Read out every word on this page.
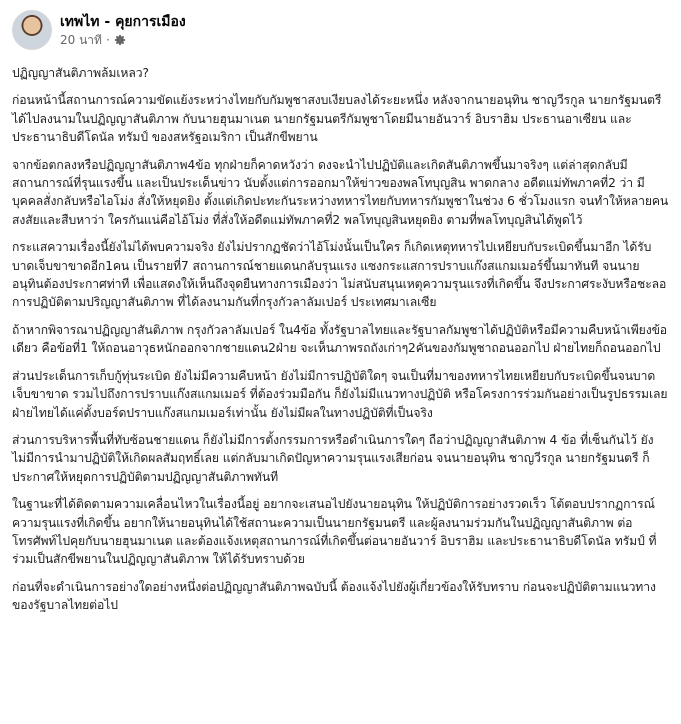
เทพไท - คุยการเมือง
20 นาที ·

ปฏิญญาสันติภาพล้มเหลว?

ก่อนหน้านี้สถานการณ์ความขัดแย้งระหว่างไทยกับกัมพูชาสงบเงียบลงได้ระยะหนึ่ง หลังจากนายอนุทิน ชาญวีรกูล นายกรัฐมนตรี ได้ไปลงนามในปฏิญญาสันติภาพ กับนายฮุนมาเนต นายกรัฐมนตรีกัมพูชาโดยมีนายอันวาร์ อิบราฮิม ประธานอาเซียน และประธานาธิบดีโดนัล ทรัมป์ ของสหรัฐอเมริกา เป็นสักขีพยาน

จากข้อตกลงหรือปฏิญญาสันติภาพ4ข้อ ทุกฝ่ายก็คาดหวังว่า ดงจะนำไปปฏิบัติและเกิดสันติภาพขึ้นมาจริงๆ แต่ล่าสุดกลับมีสถานการณ์ที่รุนแรงขึ้น และเป็นประเด็นข่าว นับตั้งแต่การออกมาให้ข่าวของพลโทบุญสิน พาดกลาง อดีตแม่ทัพภาคที่2 ว่า มีบุคคลสั่งกลับหรือไอโม่ง สั่งให้หยุดยิง ตั้งแต่เกิดปะทะกันระหว่างทหารไทยกับทหารกัมพูชาในช่วง 6 ชั่วโมงแรก จนทำให้หลายคนสงสัยและสืบหาว่า ใครกันแน่คือไอ้โม่ง ที่สั่งให้อดีตแม่ทัพภาคที่2 พลโทบุญสินหยุดยิง ตามที่พลโทบุญสินได้พูดไว้

กระแสความเรื่องนี้ยังไม่ได้พบความจริง ยังไม่ปรากฏชัดว่าไอ้โม่งนั้นเป็นใคร ก็เกิดเหตุทหารไปเหยียบกับระเบิดขึ้นมาอีก ได้รับบาดเจ็บขาขาดอีก1คน เป็นรายที่7 สถานการณ์ชายแดนกลับรุนแรง แซงกระแสการปราบแก๊งสแกมเมอร์ขึ้นมาทันที จนนายอนุทินต้องประกาศท่าที เพื่อแสดงให้เห็นถึงจุดยืนทางการเมืองว่า ไม่สนับสนุนเหตุความรุนแรงที่เกิดขึ้น จึงประกาศระงับหรือชะลอการปฏิบัติตามปริญญาสันติภาพ ที่ได้ลงนามกันที่กรุงกัวลาลัมเปอร์ ประเทศมาเลเซีย

ถ้าหากพิจารณาปฏิญญาสันติภาพ กรุงกัวลาลัมเปอร์ ใน4ข้อ ทั้งรัฐบาลไทยและรัฐบาลกัมพูชาได้ปฏิบัติหรือมีความคืบหน้าเพียงข้อเดียว คือข้อที่1 ให้ถอนอาวุธหนักออกจากชายแดน2ฝ่าย จะเห็นภาพรถถังเก่าๆ2คันของกัมพูชาถอนออกไป ฝ่ายไทยก็ถอนออกไป

ส่วนประเด็นการเก็บกู้ทุ่นระเบิด ยังไม่มีความคืบหน้า ยังไม่มีการปฏิบัติใดๆ จนเป็นที่มาของทหารไทยเหยียบกับระเบิดขึ้นจนบาดเจ็บขาขาด รวมไปถึงการปราบแก๊งสแกมเมอร์ ที่ต้องร่วมมือกัน ก็ยังไม่มีแนวทางปฏิบัติ หรือโครงการร่วมกันอย่างเป็นรูปธรรมเลย ฝ่ายไทยได้แค่ดั้งบอร์ดปราบแก๊งสแกมเมอร์เท่านั้น ยังไม่มีผลในทางปฏิบัติที่เป็นจริง

ส่วนการบริหารพื้นที่ทับซ้อนชายแดน ก็ยังไม่มีการตั้งกรรมการหรือดำเนินการใดๆ ถือว่าปฏิญญาสันติภาพ 4 ข้อ ที่เซ็นกันไว้ ยังไม่มีการนำมาปฏิบัติให้เกิดผลสัมฤทธิ์เลย แต่กลับมาเกิดปัญหาความรุนแรงเสียก่อน จนนายอนุทิน ชาญวีรกูล นายกรัฐมนตรี ก็ประกาศให้หยุดการปฏิบัติตามปฏิญญาสันติภาพทันที

ในฐานะที่ได้ติดตามความเคลื่อนไหวในเรื่องนี้อยู่ อยากจะเสนอไปยังนายอนุทิน ให้ปฏิบัติการอย่างรวดเร็ว โต้ตอบปรากฏการณ์ความรุนแรงที่เกิดขึ้น อยากให้นายอนุทินได้ใช้สถานะความเป็นนายกรัฐมนตรี และผู้ลงนามร่วมกันในปฏิญญาสันติภาพ ต่อโทรศัพท์ไปคุยกับนายฮุนมาเนต และต้องแจ้งเหตุสถานการณ์ที่เกิดขึ้นต่อนายอันวาร์ อิบราฮิม และประธานาธิบดีโดนัล ทรัมป์ ที่ร่วมเป็นสักขีพยานในปฏิญญาสันติภาพ ให้ได้รับทราบด้วย

ก่อนที่จะดำเนินการอย่างใดอย่างหนึ่งต่อปฏิญญาสันติภาพฉบับนี้ ต้องแจ้งไปยังผู้เกี่ยวข้องให้รับทราบ ก่อนจะปฏิบัติตามแนวทางของรัฐบาลไทยต่อไป
